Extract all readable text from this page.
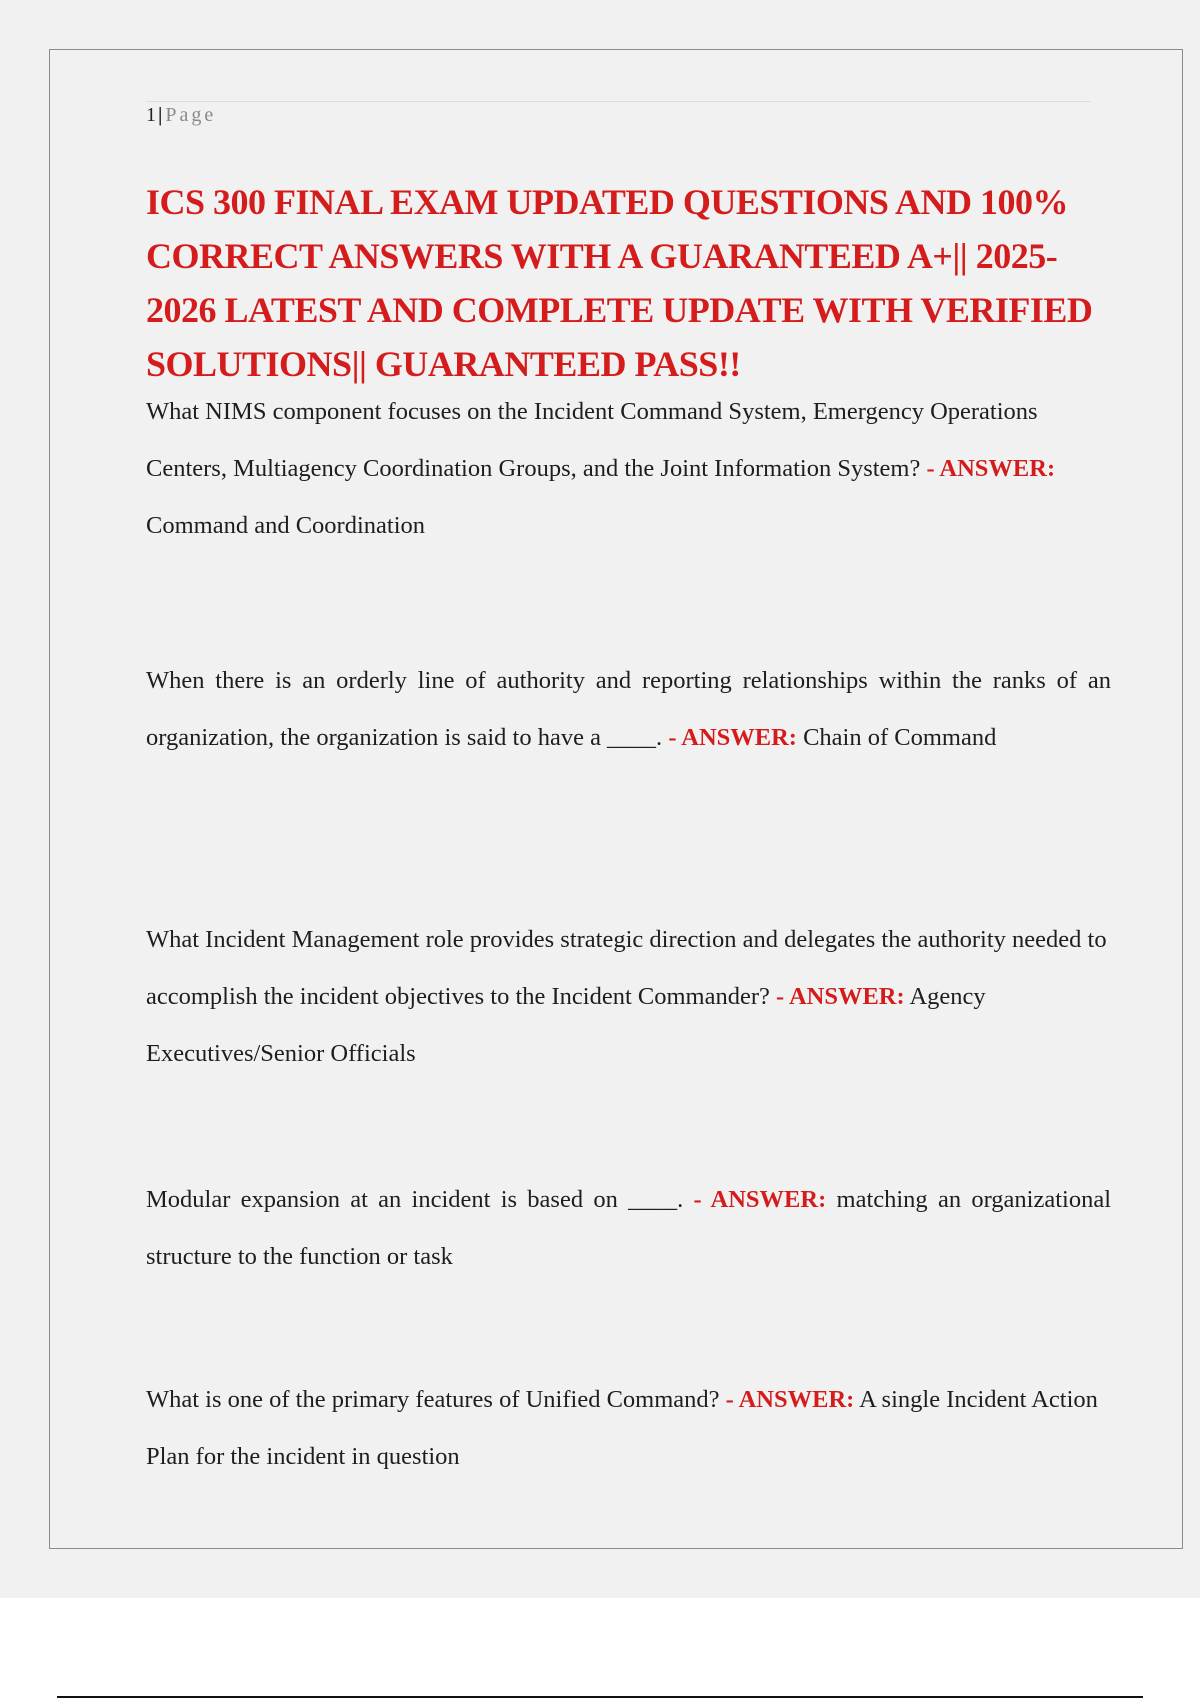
1 | Page
ICS 300 FINAL EXAM UPDATED QUESTIONS AND 100% CORRECT ANSWERS WITH A GUARANTEED A+|| 2025-2026 LATEST AND COMPLETE UPDATE WITH VERIFIED SOLUTIONS|| GUARANTEED PASS!!

What NIMS component focuses on the Incident Command System, Emergency Operations Centers, Multiagency Coordination Groups, and the Joint Information System? - ANSWER: Command and Coordination

When there is an orderly line of authority and reporting relationships within the ranks of an organization, the organization is said to have a ____. - ANSWER: Chain of Command

What Incident Management role provides strategic direction and delegates the authority needed to accomplish the incident objectives to the Incident Commander? - ANSWER: Agency Executives/Senior Officials

Modular expansion at an incident is based on ____. - ANSWER: matching an organizational structure to the function or task

What is one of the primary features of Unified Command? - ANSWER: A single Incident Action Plan for the incident in question
